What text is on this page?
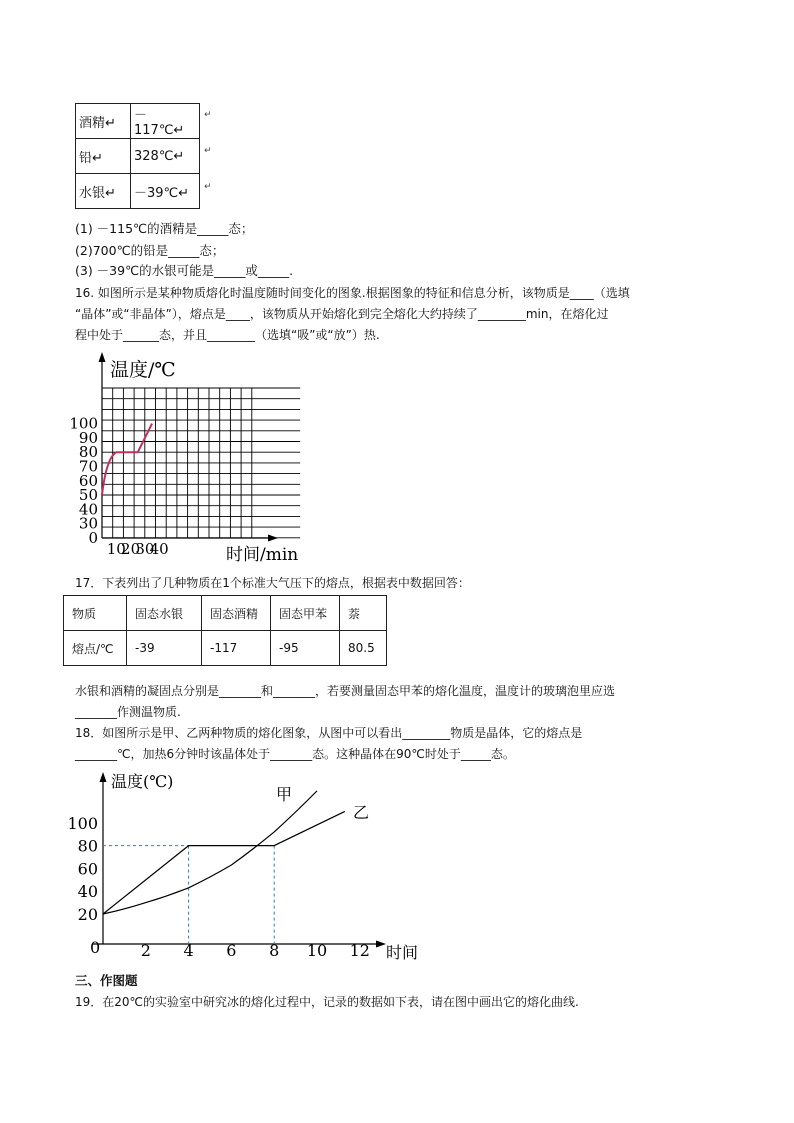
酒精↵	－117℃↵
铅↵	328℃↵
水银↵	－39℃↵
↵
↵
↵
(1) －115℃的酒精是_____态；
(2)700℃的铅是_____态；
(3) －39℃的水银可能是_____或_____.
16. 如图所示是某种物质熔化时温度随时间变化的图象.根据图象的特征和信息分析，该物质是____（选填
“晶体”或“非晶体”），熔点是____，该物质从开始熔化到完全熔化大约持续了________min，在熔化过
程中处于______态，并且________（选填“吸”或“放”）热.
温度/℃
时间/min
0
30
40
50
60
70
80
90
100
10
20
30
40
17．下表列出了几种物质在1个标准大气压下的熔点，根据表中数据回答：
物质	固态水银	固态酒精	固态甲苯	萘
熔点/℃	-39	-117	-95	80.5
水银和酒精的凝固点分别是_______和_______，若要测量固态甲苯的熔化温度，温度计的玻璃泡里应选
_______作测温物质.
18．如图所示是甲、乙两种物质的熔化图象，从图中可以看出________物质是晶体，它的熔点是
_______℃，加热6分钟时该晶体处于_______态。这种晶体在90℃时处于_____态。
温度(℃)
时间
0
20
40
60
80
100
2 4 6 8 10 12
甲
乙
三、作图题
19．在20℃的实验室中研究冰的熔化过程中，记录的数据如下表，请在图中画出它的熔化曲线.
